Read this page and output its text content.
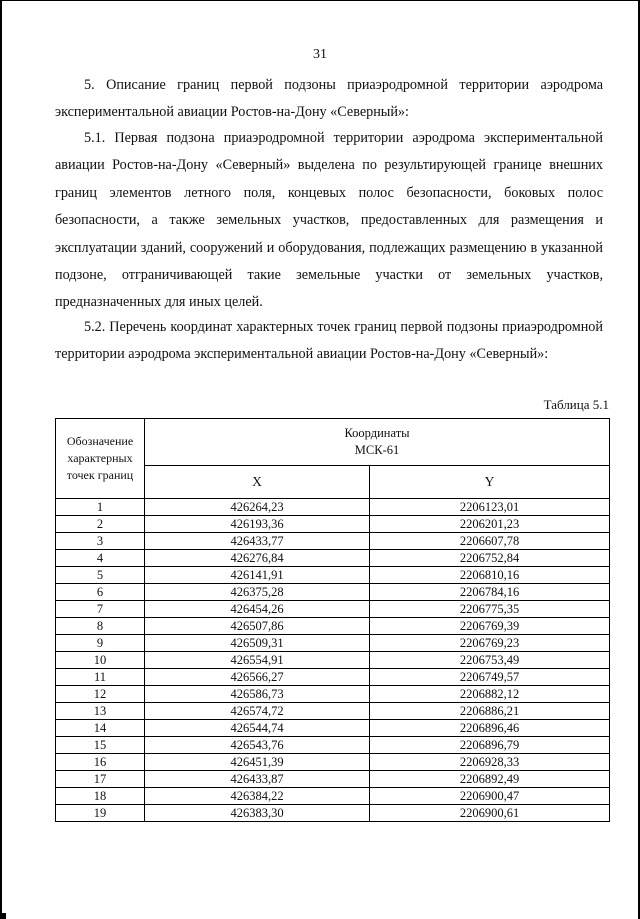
31

5. Описание границ первой подзоны приаэродромной территории аэродрома экспериментальной авиации Ростов-на-Дону «Северный»:

5.1. Первая подзона приаэродромной территории аэродрома экспериментальной авиации Ростов-на-Дону «Северный» выделена по результирующей границе внешних границ элементов летного поля, концевых полос безопасности, боковых полос безопасности, а также земельных участков, предоставленных для размещения и эксплуатации зданий, сооружений и оборудования, подлежащих размещению в указанной подзоне, отграничивающей такие земельные участки от земельных участков, предназначенных для иных целей.

5.2. Перечень координат характерных точек границ первой подзоны приаэродромной территории аэродрома экспериментальной авиации Ростов-на-Дону «Северный»:

Таблица 5.1
Обозначение характерных точек границ	Координаты
МСК-61	

	X	Y
1	426264,23	2206123,01
2	426193,36	2206201,23
3	426433,77	2206607,78
4	426276,84	2206752,84
5	426141,91	2206810,16
6	426375,28	2206784,16
7	426454,26	2206775,35
8	426507,86	2206769,39
9	426509,31	2206769,23
10	426554,91	2206753,49
11	426566,27	2206749,57
12	426586,73	2206882,12
13	426574,72	2206886,21
14	426544,74	2206896,46
15	426543,76	2206896,79
16	426451,39	2206928,33
17	426433,87	2206892,49
18	426384,22	2206900,47
19	426383,30	2206900,61
